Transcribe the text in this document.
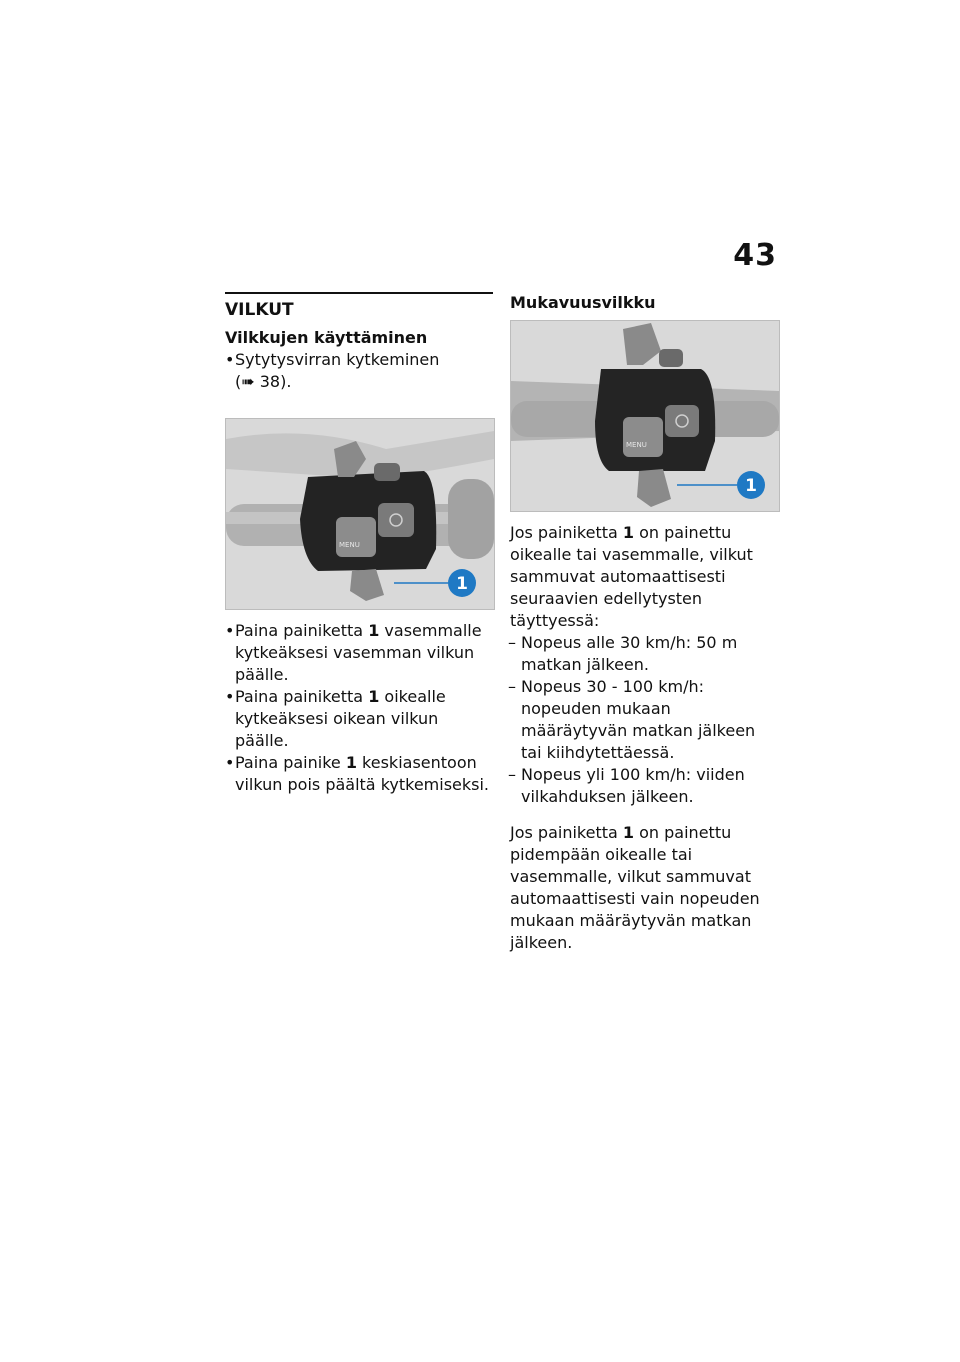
43
VILKUT
Vilkkujen käyttäminen
• Sytytysvirran kytkeminen
(➠ 38).
MENU
1
• Paina painiketta 1 vasemmalle kytkeäksesi vasemman vilkun päälle.
• Paina painiketta 1 oikealle kytkeäksesi oikean vilkun päälle.
• Paina painike 1 keskiasentoon vilkun pois päältä kytkemiseksi.
Mukavuusvilkku
MENU
1

Jos painiketta 1 on painettu oikealle tai vasemmalle, vilkut sammuvat automaattisesti seuraavien edellytysten täyttyessä:

– Nopeus alle 30 km/h: 50 m matkan jälkeen.
– Nopeus 30 - 100 km/h: nopeuden mukaan määräytyvän matkan jälkeen tai kiihdytettäessä.
– Nopeus yli 100 km/h: viiden vilkahduksen jälkeen.

Jos painiketta 1 on painettu pidempään oikealle tai vasemmalle, vilkut sammuvat automaattisesti vain nopeuden mukaan määräytyvän matkan jälkeen.
